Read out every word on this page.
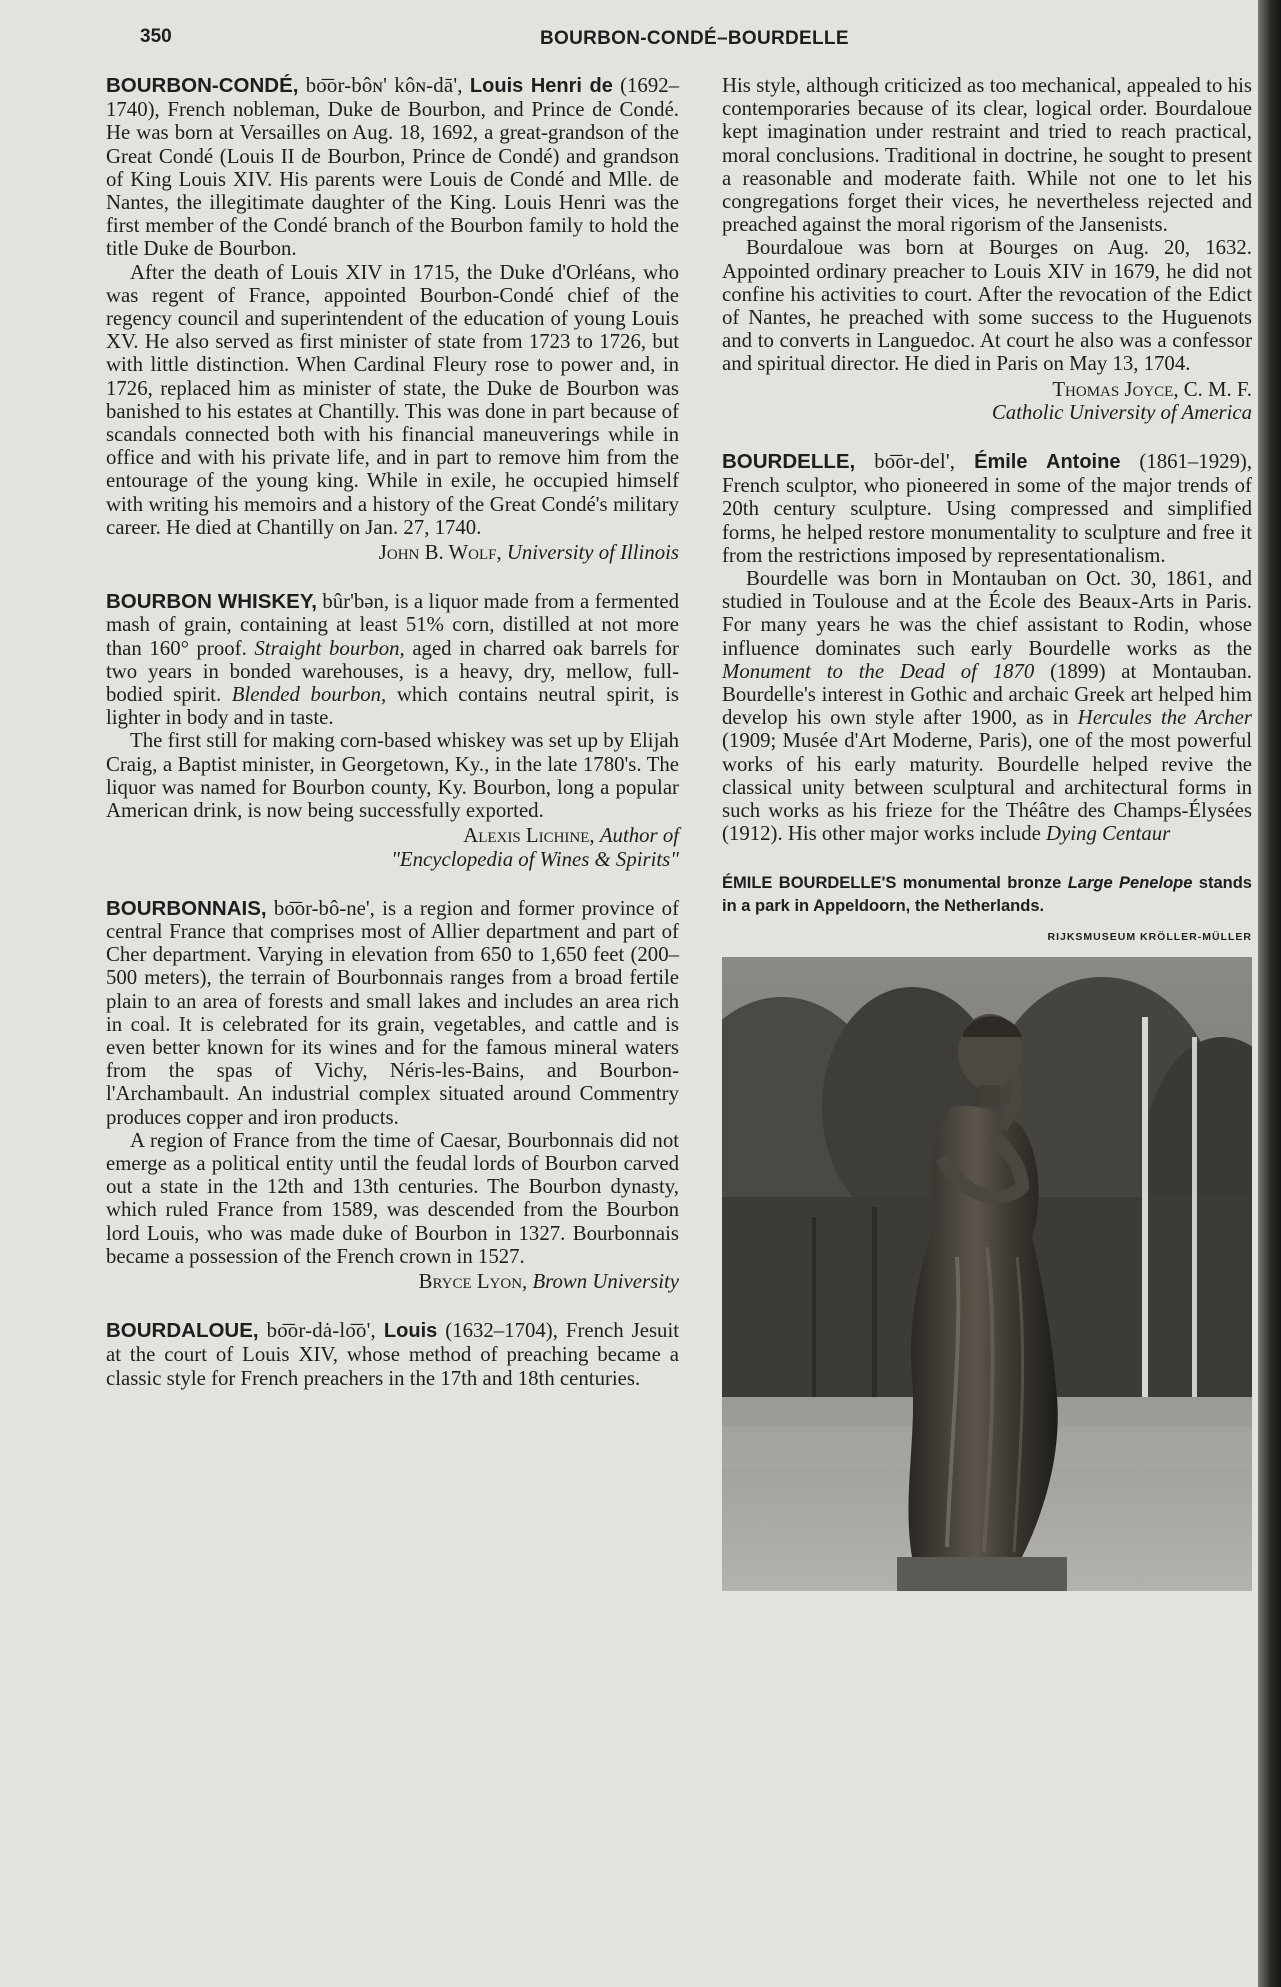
350	BOURBON-CONDÉ–BOURDELLE

BOURBON-CONDÉ, bo͞or-bôɴ' kôɴ-dā', Louis Henri de (1692–1740), French nobleman, Duke de Bourbon, and Prince de Condé. He was born at Versailles on Aug. 18, 1692, a great-grandson of the Great Condé (Louis II de Bourbon, Prince de Condé) and grandson of King Louis XIV. His parents were Louis de Condé and Mlle. de Nantes, the illegitimate daughter of the King. Louis Henri was the first member of the Condé branch of the Bourbon family to hold the title Duke de Bourbon.

After the death of Louis XIV in 1715, the Duke d'Orléans, who was regent of France, appointed Bourbon-Condé chief of the regency council and superintendent of the education of young Louis XV. He also served as first minister of state from 1723 to 1726, but with little distinction. When Cardinal Fleury rose to power and, in 1726, replaced him as minister of state, the Duke de Bourbon was banished to his estates at Chantilly. This was done in part because of scandals connected both with his financial maneuverings while in office and with his private life, and in part to remove him from the entourage of the young king. While in exile, he occupied himself with writing his memoirs and a history of the Great Condé's military career. He died at Chantilly on Jan. 27, 1740.

John B. Wolf, University of Illinois

BOURBON WHISKEY, bûr'bən, is a liquor made from a fermented mash of grain, containing at least 51% corn, distilled at not more than 160° proof. Straight bourbon, aged in charred oak barrels for two years in bonded warehouses, is a heavy, dry, mellow, full-bodied spirit. Blended bourbon, which contains neutral spirit, is lighter in body and in taste.

The first still for making corn-based whiskey was set up by Elijah Craig, a Baptist minister, in Georgetown, Ky., in the late 1780's. The liquor was named for Bourbon county, Ky. Bourbon, long a popular American drink, is now being successfully exported.

Alexis Lichine, Author of
"Encyclopedia of Wines & Spirits"

BOURBONNAIS, bo͞or-bô-ne', is a region and former province of central France that comprises most of Allier department and part of Cher department. Varying in elevation from 650 to 1,650 feet (200–500 meters), the terrain of Bourbonnais ranges from a broad fertile plain to an area of forests and small lakes and includes an area rich in coal. It is celebrated for its grain, vegetables, and cattle and is even better known for its wines and for the famous mineral waters from the spas of Vichy, Néris-les-Bains, and Bourbon-l'Archambault. An industrial complex situated around Commentry produces copper and iron products.

A region of France from the time of Caesar, Bourbonnais did not emerge as a political entity until the feudal lords of Bourbon carved out a state in the 12th and 13th centuries. The Bourbon dynasty, which ruled France from 1589, was descended from the Bourbon lord Louis, who was made duke of Bourbon in 1327. Bourbonnais became a possession of the French crown in 1527.

Bryce Lyon, Brown University

BOURDALOUE, bo͞or-dȧ-lo͞o', Louis (1632–1704), French Jesuit at the court of Louis XIV, whose method of preaching became a classic style for French preachers in the 17th and 18th centuries.

His style, although criticized as too mechanical, appealed to his contemporaries because of its clear, logical order. Bourdaloue kept imagination under restraint and tried to reach practical, moral conclusions. Traditional in doctrine, he sought to present a reasonable and moderate faith. While not one to let his congregations forget their vices, he nevertheless rejected and preached against the moral rigorism of the Jansenists.

Bourdaloue was born at Bourges on Aug. 20, 1632. Appointed ordinary preacher to Louis XIV in 1679, he did not confine his activities to court. After the revocation of the Edict of Nantes, he preached with some success to the Huguenots and to converts in Languedoc. At court he also was a confessor and spiritual director. He died in Paris on May 13, 1704.

Thomas Joyce, C. M. F.
Catholic University of America

BOURDELLE, bo͞or-del', Émile Antoine (1861–1929), French sculptor, who pioneered in some of the major trends of 20th century sculpture. Using compressed and simplified forms, he helped restore monumentality to sculpture and free it from the restrictions imposed by representationalism.

Bourdelle was born in Montauban on Oct. 30, 1861, and studied in Toulouse and at the École des Beaux-Arts in Paris. For many years he was the chief assistant to Rodin, whose influence dominates such early Bourdelle works as the Monument to the Dead of 1870 (1899) at Montauban. Bourdelle's interest in Gothic and archaic Greek art helped him develop his own style after 1900, as in Hercules the Archer (1909; Musée d'Art Moderne, Paris), one of the most powerful works of his early maturity. Bourdelle helped revive the classical unity between sculptural and architectural forms in such works as his frieze for the Théâtre des Champs-Élysées (1912). His other major works include Dying Centaur

ÉMILE BOURDELLE'S monumental bronze Large Penelope stands in a park in Appeldoorn, the Netherlands.
RIJKSMUSEUM KRÖLLER-MÜLLER
